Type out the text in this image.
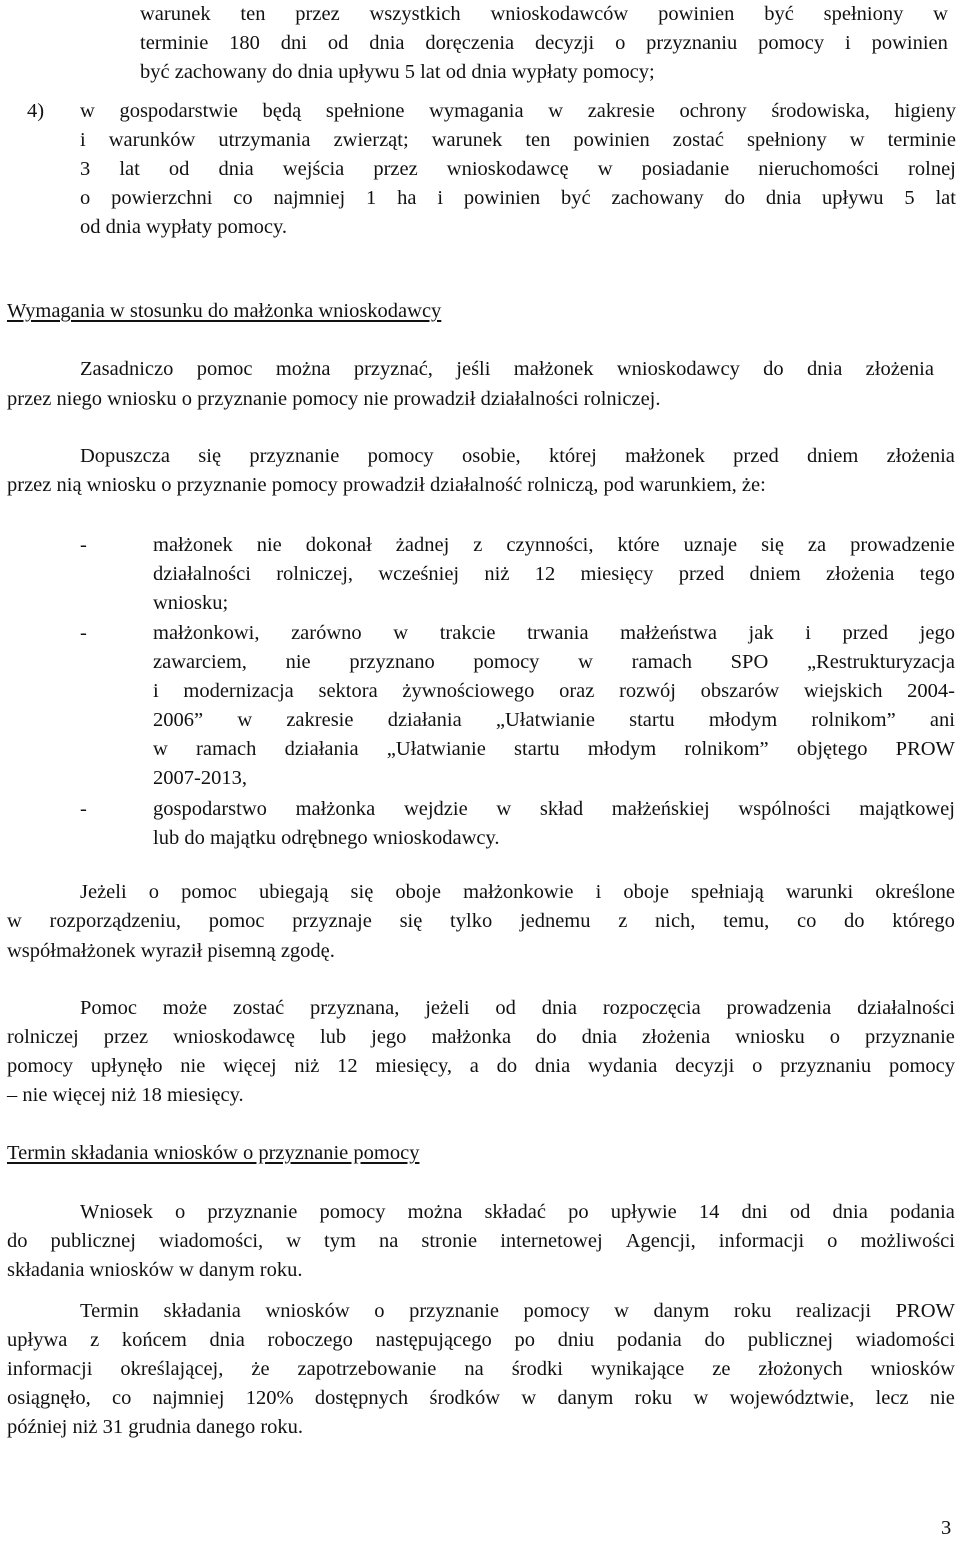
warunek ten przez wszystkich wnioskodawców powinien być spełniony w
terminie 180 dni od dnia doręczenia decyzji o przyznaniu pomocy i powinien
być zachowany do dnia upływu 5 lat od dnia wypłaty pomocy;
4) w gospodarstwie będą spełnione wymagania w zakresie ochrony środowiska, higieny
i warunków utrzymania zwierząt; warunek ten powinien zostać spełniony w terminie
3 lat od dnia wejścia przez wnioskodawcę w posiadanie nieruchomości rolnej
o powierzchni co najmniej 1 ha i powinien być zachowany do dnia upływu 5 lat
od dnia wypłaty pomocy.
Wymagania w stosunku do małżonka wnioskodawcy
Zasadniczo pomoc można przyznać, jeśli małżonek wnioskodawcy do dnia złożenia
przez niego wniosku o przyznanie pomocy nie prowadził działalności rolniczej.
Dopuszcza się przyznanie pomocy osobie, której małżonek przed dniem złożenia
przez nią wniosku o przyznanie pomocy prowadził działalność rolniczą, pod warunkiem, że:
-	małżonek nie dokonał żadnej z czynności, które uznaje się za prowadzenie
działalności rolniczej, wcześniej niż 12 miesięcy przed dniem złożenia tego
wniosku;
-	małżonkowi, zarówno w trakcie trwania małżeństwa jak i przed jego
zawarciem, nie przyznano pomocy w ramach SPO „Restrukturyzacja
i modernizacja sektora żywnościowego oraz rozwój obszarów wiejskich 2004-
2006” w zakresie działania „Ułatwianie startu młodym rolnikom” ani
w ramach działania „Ułatwianie startu młodym rolnikom” objętego PROW
2007-2013,
-	gospodarstwo małżonka wejdzie w skład małżeńskiej wspólności majątkowej
lub do majątku odrębnego wnioskodawcy.
Jeżeli o pomoc ubiegają się oboje małżonkowie i oboje spełniają warunki określone
w rozporządzeniu, pomoc przyznaje się tylko jednemu z nich, temu, co do którego
współmałżonek wyraził pisemną zgodę.
Pomoc może zostać przyznana, jeżeli od dnia rozpoczęcia prowadzenia działalności
rolniczej przez wnioskodawcę lub jego małżonka do dnia złożenia wniosku o przyznanie
pomocy upłynęło nie więcej niż 12 miesięcy, a do dnia wydania decyzji o przyznaniu pomocy
– nie więcej niż 18 miesięcy.
Termin składania wniosków o przyznanie pomocy
Wniosek o przyznanie pomocy można składać po upływie 14 dni od dnia podania
do publicznej wiadomości, w tym na stronie internetowej Agencji, informacji o możliwości
składania wniosków w danym roku.
Termin składania wniosków o przyznanie pomocy w danym roku realizacji PROW
upływa z końcem dnia roboczego następującego po dniu podania do publicznej wiadomości
informacji określającej, że zapotrzebowanie na środki wynikające ze złożonych wniosków
osiągnęło, co najmniej 120% dostępnych środków w danym roku w województwie, lecz nie
później niż 31 grudnia danego roku.
3
